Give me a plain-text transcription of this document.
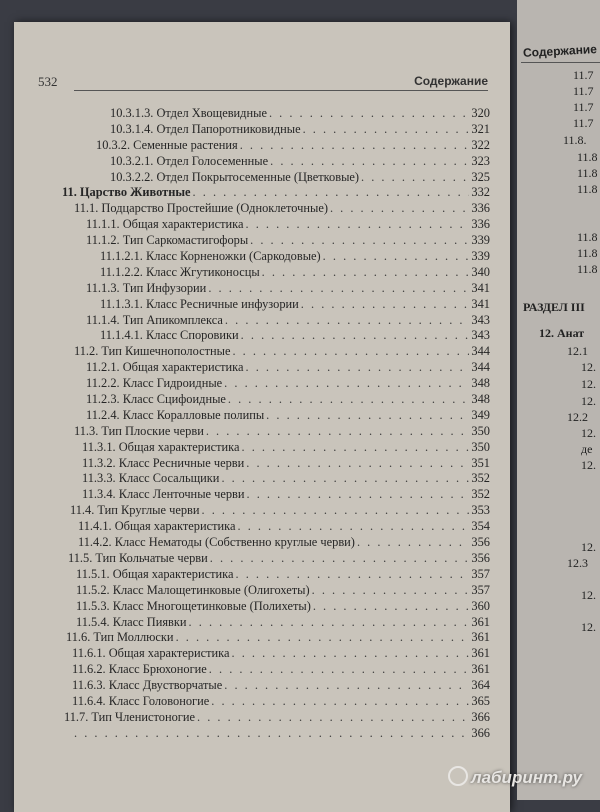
532	Содержание
10.3.1.3. Отдел Хвощевидные . . .	320
10.3.1.4. Отдел Папоротниковидные . . .	321
10.3.2. Семенные растения . . .	322
10.3.2.1. Отдел Голосеменные . . .	323
10.3.2.2. Отдел Покрытосеменные (Цветковые) . . .	325
11. Царство Животные . . .	332
11.1. Подцарство Простейшие (Одноклеточные) . . .	336
11.1.1. Общая характеристика . . .	336
11.1.2. Тип Саркомастигофоры . . .	339
11.1.2.1. Класс Корненожки (Саркодовые) . . .	339
11.1.2.2. Класс Жгутиконосцы . . .	340
11.1.3. Тип Инфузории . . .	341
11.1.3.1. Класс Ресничные инфузории . . .	341
11.1.4. Тип Апикомплекса . . .	343
11.1.4.1. Класс Споровики . . .	343
11.2. Тип Кишечнополостные . . .	344
11.2.1. Общая характеристика . . .	344
11.2.2. Класс Гидроидные . . .	348
11.2.3. Класс Сцифоидные . . .	348
11.2.4. Класс Коралловые полипы . . .	349
11.3. Тип Плоские черви . . .	350
11.3.1. Общая характеристика . . .	350
11.3.2. Класс Ресничные черви . . .	351
11.3.3. Класс Сосальщики . . .	352
11.3.4. Класс Ленточные черви . . .	352
11.4. Тип Круглые черви . . .	353
11.4.1. Общая характеристика . . .	354
11.4.2. Класс Нематоды (Собственно круглые черви) . . .	356
11.5. Тип Кольчатые черви . . .	356
11.5.1. Общая характеристика . . .	357
11.5.2. Класс Малощетинковые (Олигохеты) . . .	357
11.5.3. Класс Многощетинковые (Полихеты) . . .	360
11.5.4. Класс Пиявки . . .	361
11.6. Тип Моллюски . . .	361
11.6.1. Общая характеристика . . .	361
11.6.2. Класс Брюхоногие . . .	361
11.6.3. Класс Двустворчатые . . .	364
11.6.4. Класс Головоногие . . .	365
11.7. Тип Членистоногие . . .	366
. . .
366
Содержание
11.7
11.7
11.7
11.7
11.8.
11.8
11.8
11.8
11.8
11.8
11.8
РАЗДЕЛ III
12. Анат
12.1
12.
12.
12.
12.2
12.
де
12.
12.
12.3
12.
12.
лабиринт.ру
